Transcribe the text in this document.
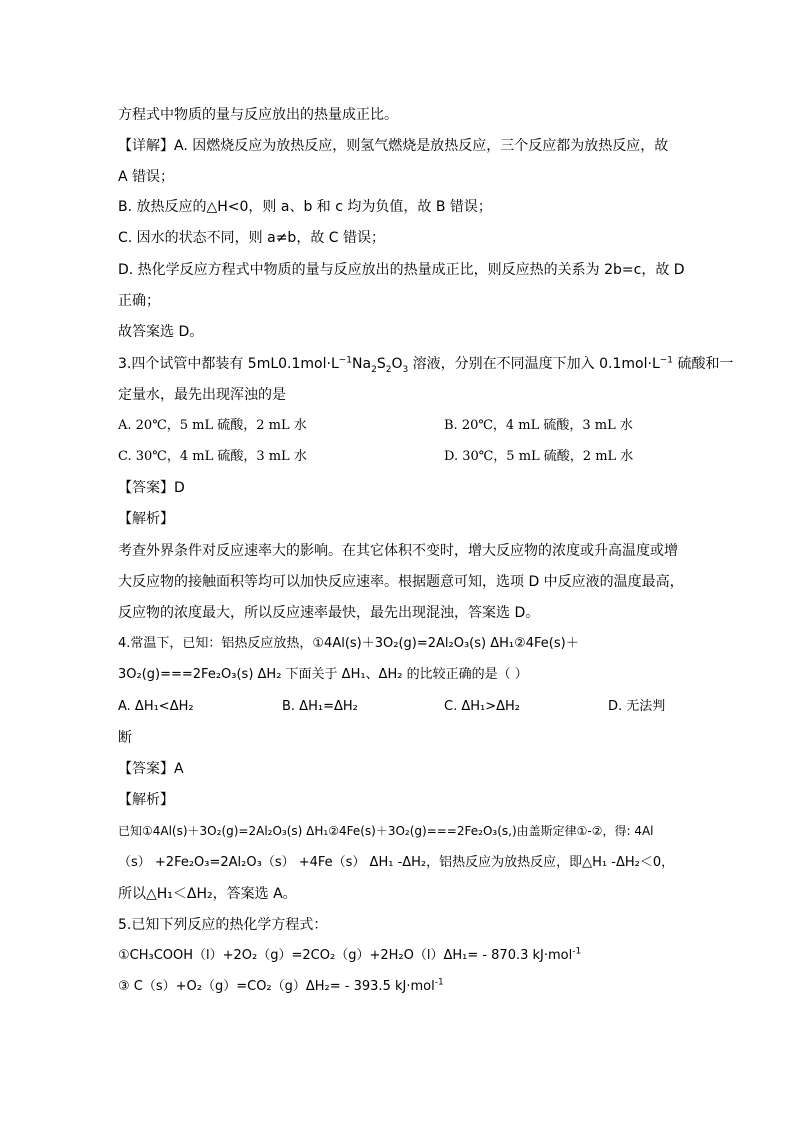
方程式中物质的量与反应放出的热量成正比。
【详解】A. 因燃烧反应为放热反应，则氢气燃烧是放热反应，三个反应都为放热反应，故
A 错误；
B. 放热反应的△H<0，则 a、b 和 c 均为负值，故 B 错误；
C. 因水的状态不同，则 a≠b，故 C 错误；
D. 热化学反应方程式中物质的量与反应放出的热量成正比，则反应热的关系为 2b=c，故 D
正确；
故答案选 D。
3.四个试管中都装有 $5mL0.1mol\cdot L^{-1}Na_2S_2O_3$ 溶液，分别在不同温度下加入 $0.1mol\cdot L^{-1}$ 硫酸和一
定量水，最先出现浑浊的是
A. 20℃，5 mL 硫酸，2 mL 水	B. 20℃，4 mL 硫酸，3 mL 水
C. 30℃，4 mL 硫酸，3 mL 水	D. 30℃，5 mL 硫酸，2 mL 水
【答案】D
【解析】
考查外界条件对反应速率大的影响。在其它体积不变时，增大反应物的浓度或升高温度或增
大反应物的接触面积等均可以加快反应速率。根据题意可知，选项 D 中反应液的温度最高，
反应物的浓度最大，所以反应速率最快，最先出现混浊，答案选 D。
4.常温下，已知：铝热反应放热，①4Al(s)＋3O₂(g)=2Al₂O₃(s) ΔH₁②4Fe(s)＋
3O₂(g)===2Fe₂O₃(s) ΔH₂ 下面关于 ΔH₁、ΔH₂ 的比较正确的是（ ）
A. ΔH₁<ΔH₂	B. ΔH₁=ΔH₂	C. ΔH₁>ΔH₂	D. 无法判
断
【答案】A
【解析】
已知①4Al(s)＋3O₂(g)=2Al₂O₃(s) ΔH₁②4Fe(s)＋3O₂(g)===2Fe₂O₃(s,)由盖斯定律①-②，得: 4Al
（s） +2Fe₂O₃=2Al₂O₃（s） +4Fe（s） ΔH₁ -ΔH₂，铝热反应为放热反应，即△H₁ -ΔH₂＜0，
所以△H₁＜ΔH₂，答案选 A。
5.已知下列反应的热化学方程式：
①CH₃COOH（l）+2O₂（g）=2CO₂（g）+2H₂O（l）ΔH₁= - 870.3 kJ·mol$^{-1}$
③ C（s）+O₂（g）=CO₂（g）ΔH₂= - 393.5 kJ·mol$^{-1}$
